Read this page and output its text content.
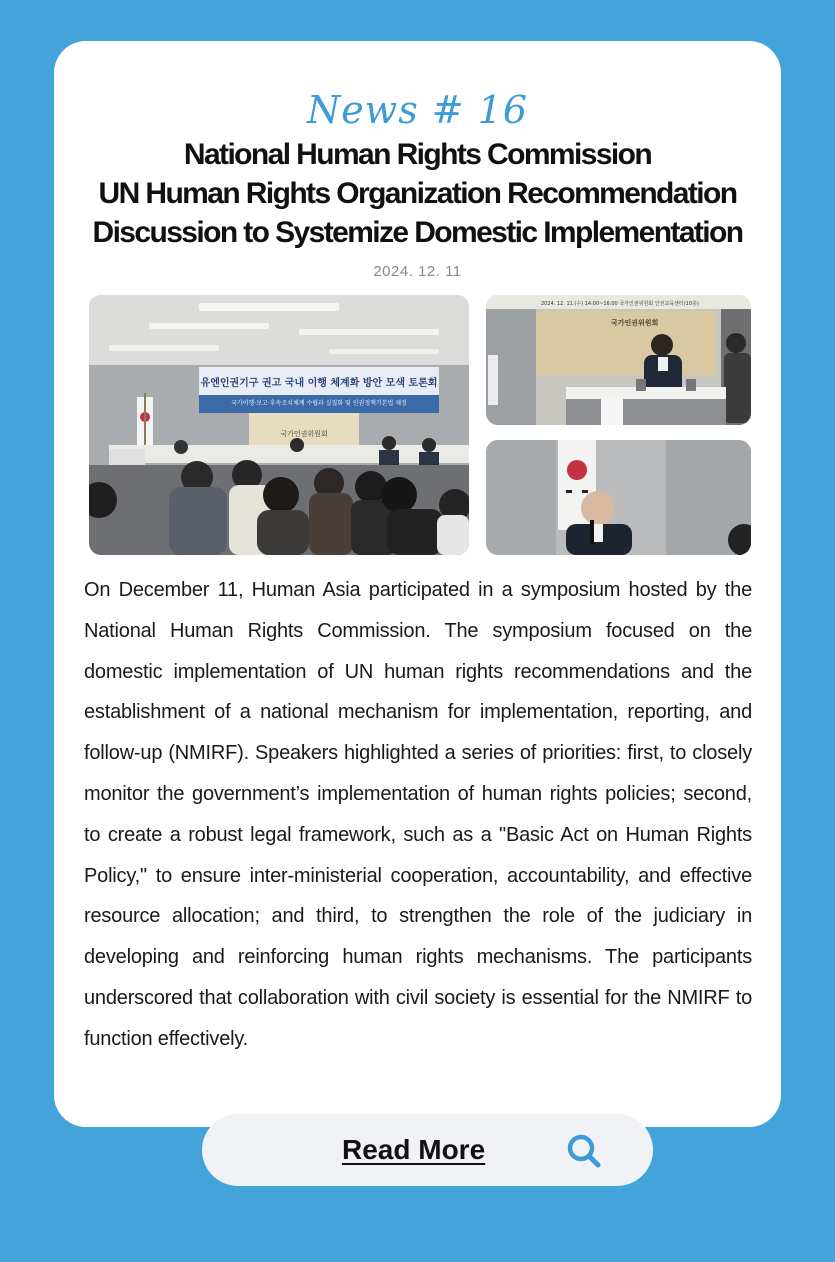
News # 16
National Human Rights Commission
UN Human Rights Organization Recommendation
Discussion to Systemize Domestic Implementation
2024. 12. 11
유엔인권기구 권고 국내 이행 체계화 방안 모색 토론회
국가이행·보고·후속조치체계 수립과 실질화 및 인권정책기본법 제정
국가인권위원회
2024. 12. 11.(수) 14:00~16:00 국가인권위원회 인권교육센터(10층)
국가인권위원회

On December 11, Human Asia participated in a symposium hosted by the National Human Rights Commission. The symposium focused on the domestic implementation of UN human rights recommendations and the establishment of a national mechanism for implementation, reporting, and follow-up (NMIRF). Speakers highlighted a series of priorities: first, to closely monitor the government’s implementation of human rights policies; second, to create a robust legal framework, such as a "Basic Act on Human Rights Policy," to ensure inter-ministerial cooperation, accountability, and effective resource allocation; and third, to strengthen the role of the judiciary in developing and reinforcing human rights mechanisms. The participants underscored that collaboration with civil society is essential for the NMIRF to function effectively.

Read More
